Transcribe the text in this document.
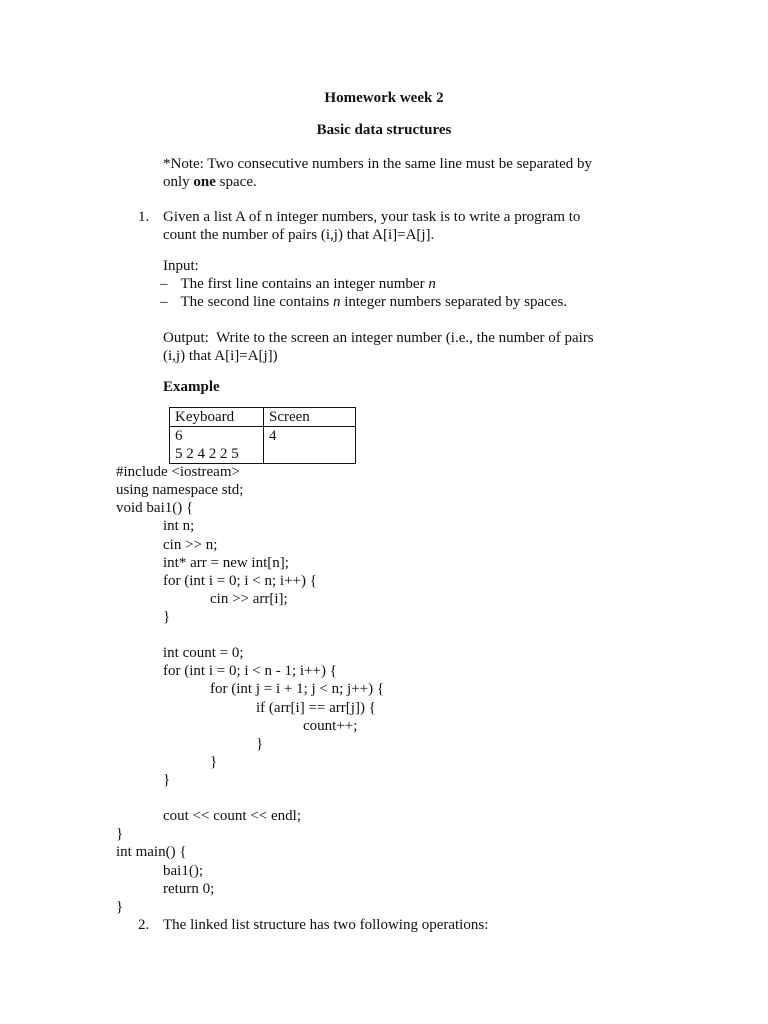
Homework week 2
Basic data structures
*Note: Two consecutive numbers in the same line must be separated by
only one space.
1. Given a list A of n integer numbers, your task is to write a program to
count the number of pairs (i,j) that A[i]=A[j].
Input:
– The first line contains an integer number n
– The second line contains n integer numbers separated by spaces.
Output:  Write to the screen an integer number (i.e., the number of pairs
(i,j) that A[i]=A[j])
Example
Keyboard	Screen

6
5 2 4 2 2 5	4
#include <iostream>
using namespace std;
void bai1() {
int n;
cin >> n;
int* arr = new int[n];
for (int i = 0; i < n; i++) {
cin >> arr[i];
}
int count = 0;
for (int i = 0; i < n - 1; i++) {
for (int j = i + 1; j < n; j++) {
if (arr[i] == arr[j]) {
count++;
}
}
}
cout << count << endl;
}
int main() {
bai1();
return 0;
}
2. The linked list structure has two following operations:
